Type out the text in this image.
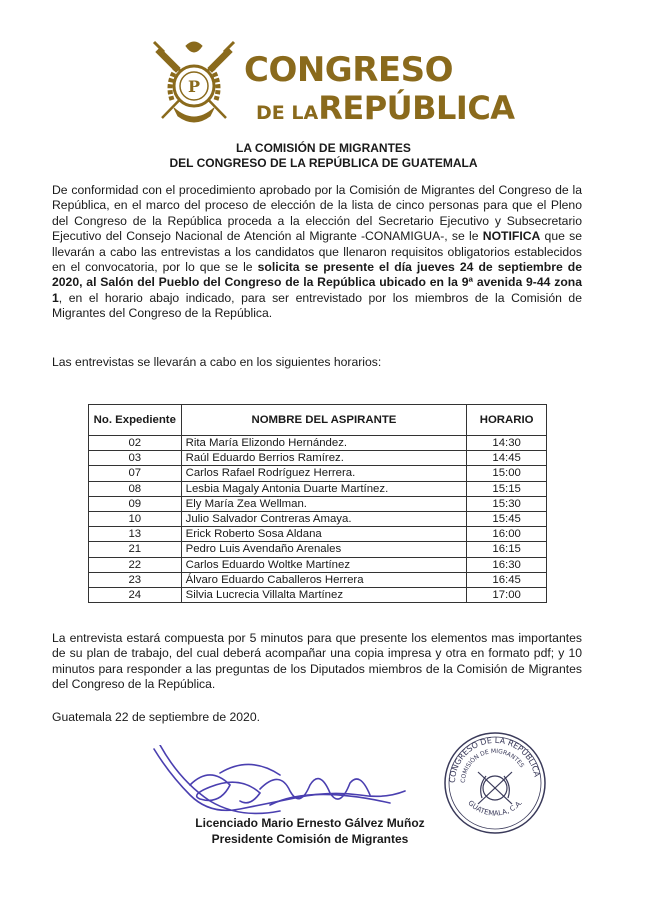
P CONGRESO
DE LAREPÚBLICA

LA COMISIÓN DE MIGRANTES

DEL CONGRESO DE LA REPÚBLICA DE GUATEMALA

De conformidad con el procedimiento aprobado por la Comisión de Migrantes del Congreso de la República, en el marco del proceso de elección de la lista de cinco personas para que el Pleno del Congreso de la República proceda a la elección del Secretario Ejecutivo y Subsecretario Ejecutivo del Consejo Nacional de Atención al Migrante -CONAMIGUA-, se le NOTIFICA que se llevarán a cabo las entrevistas a los candidatos que llenaron requisitos obligatorios establecidos en el convocatoria, por lo que se le solicita se presente el día jueves 24 de septiembre de 2020, al Salón del Pueblo del Congreso de la República ubicado en la 9ª avenida 9-44 zona 1, en el horario abajo indicado, para ser entrevistado por los miembros de la Comisión de Migrantes del Congreso de la República.

Las entrevistas se llevarán a cabo en los siguientes horarios:

No. Expediente	NOMBRE DEL ASPIRANTE	HORARIO
02	Rita María Elizondo Hernández.	14:30
03	Raúl Eduardo Berrios Ramírez.	14:45
07	Carlos Rafael Rodríguez Herrera.	15:00
08	Lesbia Magaly Antonia Duarte Martínez.	15:15
09	Ely María Zea Wellman.	15:30
10	Julio Salvador Contreras Amaya.	15:45
13	Erick Roberto Sosa Aldana	16:00
21	Pedro Luis Avendaño Arenales	16:15
22	Carlos Eduardo Woltke Martínez	16:30
23	Álvaro Eduardo Caballeros Herrera	16:45
24	Silvia Lucrecia Villalta Martínez	17:00

La entrevista estará compuesta por 5 minutos para que presente los elementos mas importantes de su plan de trabajo, del cual deberá acompañar una copia impresa y otra en formato pdf; y 10 minutos para responder a las preguntas de los Diputados miembros de la Comisión de Migrantes del Congreso de la República.

Guatemala 22 de septiembre de 2020.

CONGRESO DE LA REPÚBLICA
COMISIÓN DE MIGRANTES
GUATEMALA, C.A.
Licenciado Mario Ernesto Gálvez Muñoz
Presidente Comisión de Migrantes
